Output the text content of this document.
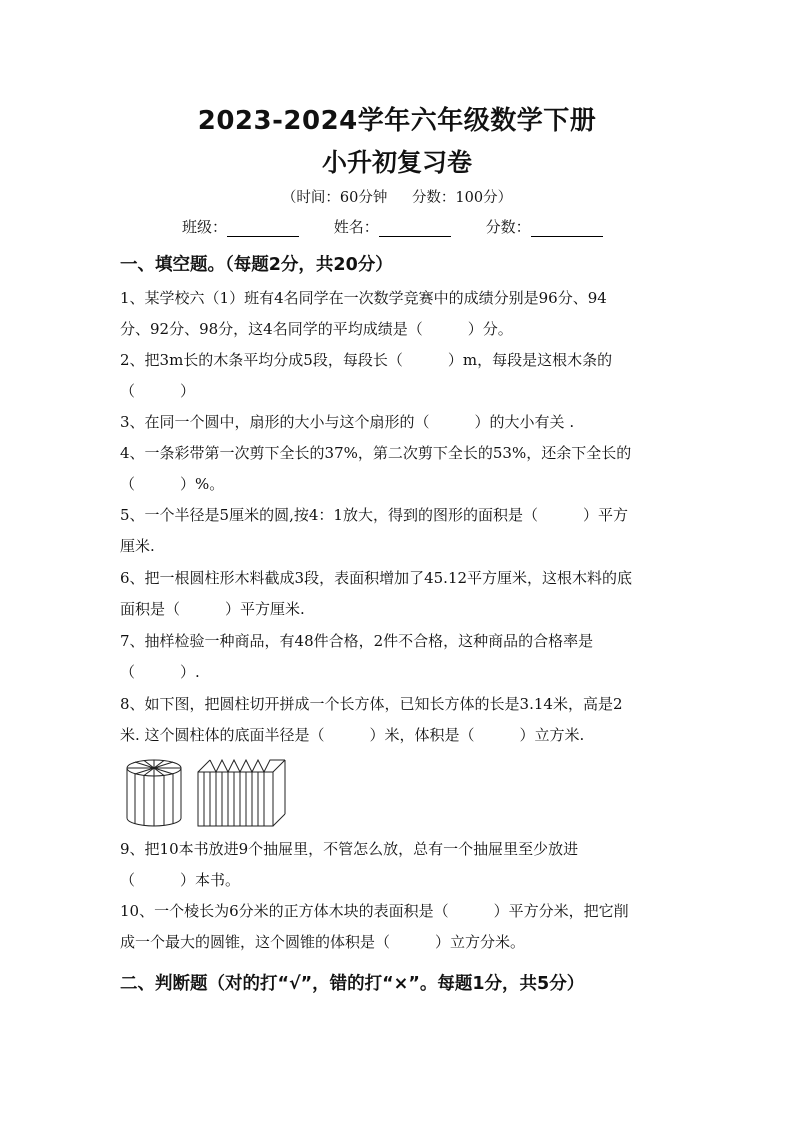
2023-2024学年六年级数学下册
小升初复习卷
（时间：60分钟 分数：100分）
班级：	姓名：	分数：
一、填空题。（每题2分，共20分）
1、某学校六（1）班有4名同学在一次数学竞赛中的成绩分别是96分、94
分、92分、98分，这4名同学的平均成绩是（　　　）分。
2、把3m长的木条平均分成5段，每段长（　　　）m，每段是这根木条的
（　　　）
3、在同一个圆中，扇形的大小与这个扇形的（　　　）的大小有关 .
4、一条彩带第一次剪下全长的37%，第二次剪下全长的53%，还余下全长的
（　　　）%。
5、一个半径是5厘米的圆,按4：1放大，得到的图形的面积是（　　　）平方
厘米.
6、把一根圆柱形木料截成3段，表面积增加了45.12平方厘米，这根木料的底
面积是（　　　）平方厘米.
7、抽样检验一种商品，有48件合格，2件不合格，这种商品的合格率是
（　　　）.
8、如下图，把圆柱切开拼成一个长方体，已知长方体的长是3.14米，高是2
米. 这个圆柱体的底面半径是（　　　）米，体积是（　　　）立方米.
9、把10本书放进9个抽屉里，不管怎么放，总有一个抽屉里至少放进
（　　　）本书。
10、一个棱长为6分米的正方体木块的表面积是（　　　）平方分米，把它削
成一个最大的圆锥，这个圆锥的体积是（　　　）立方分米。
二、判断题（对的打“√”，错的打“×”。每题1分，共5分）
